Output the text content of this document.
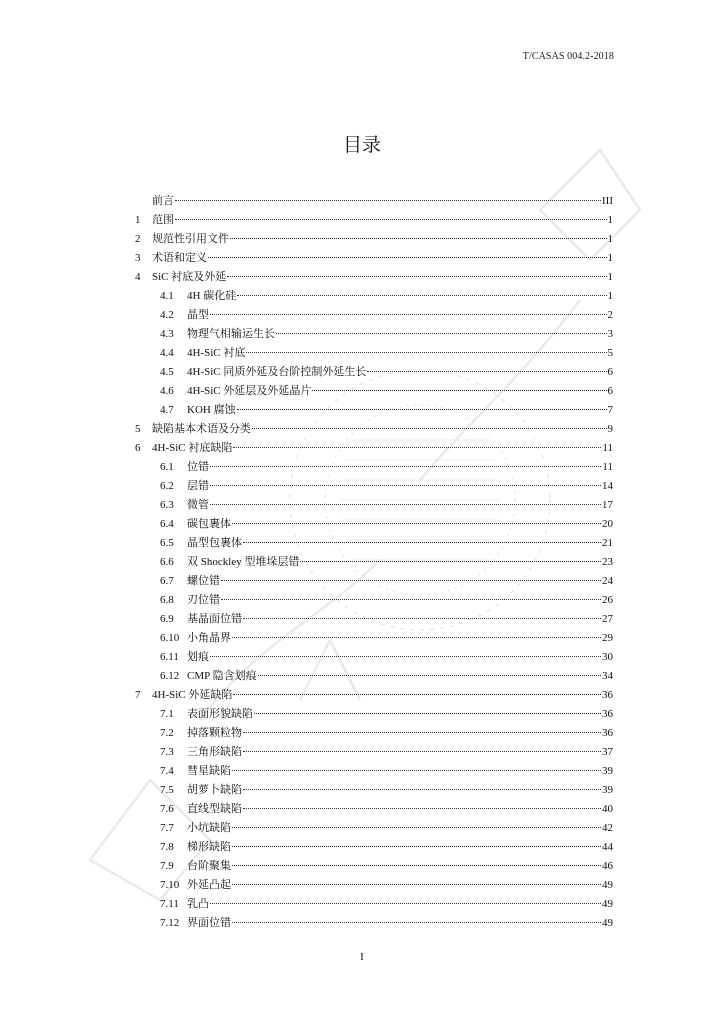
T/CASAS 004.2-2018
目录
前言	III
1	范围	1
2	规范性引用文件	1
3	术语和定义	1
4	SiC 衬底及外延	1
4.1	4H 碳化硅	1
4.2	晶型	2
4.3	物理气相输运生长	3
4.4	4H-SiC 衬底	5
4.5	4H-SiC 同质外延及台阶控制外延生长	6
4.6	4H-SiC 外延层及外延晶片	6
4.7	KOH 腐蚀	7
5	缺陷基本术语及分类	9
6	4H-SiC 衬底缺陷	11
6.1	位错	11
6.2	层错	14
6.3	微管	17
6.4	碳包裹体	20
6.5	晶型包裹体	21
6.6	双 Shockley 型堆垛层错	23
6.7	螺位错	24
6.8	刃位错	26
6.9	基晶面位错	27
6.10 小角晶界	29
6.11 划痕	30
6.12 CMP 隐含划痕	34
7	4H-SiC 外延缺陷	36
7.1	表面形貌缺陷	36
7.2	掉落颗粒物	36
7.3	三角形缺陷	37
7.4	彗星缺陷	39
7.5	胡萝卜缺陷	39
7.6	直线型缺陷	40
7.7	小坑缺陷	42
7.8	梯形缺陷	44
7.9	台阶聚集	46
7.10 外延凸起	49
7.11 乳凸	49
7.12 界面位错	49
I
